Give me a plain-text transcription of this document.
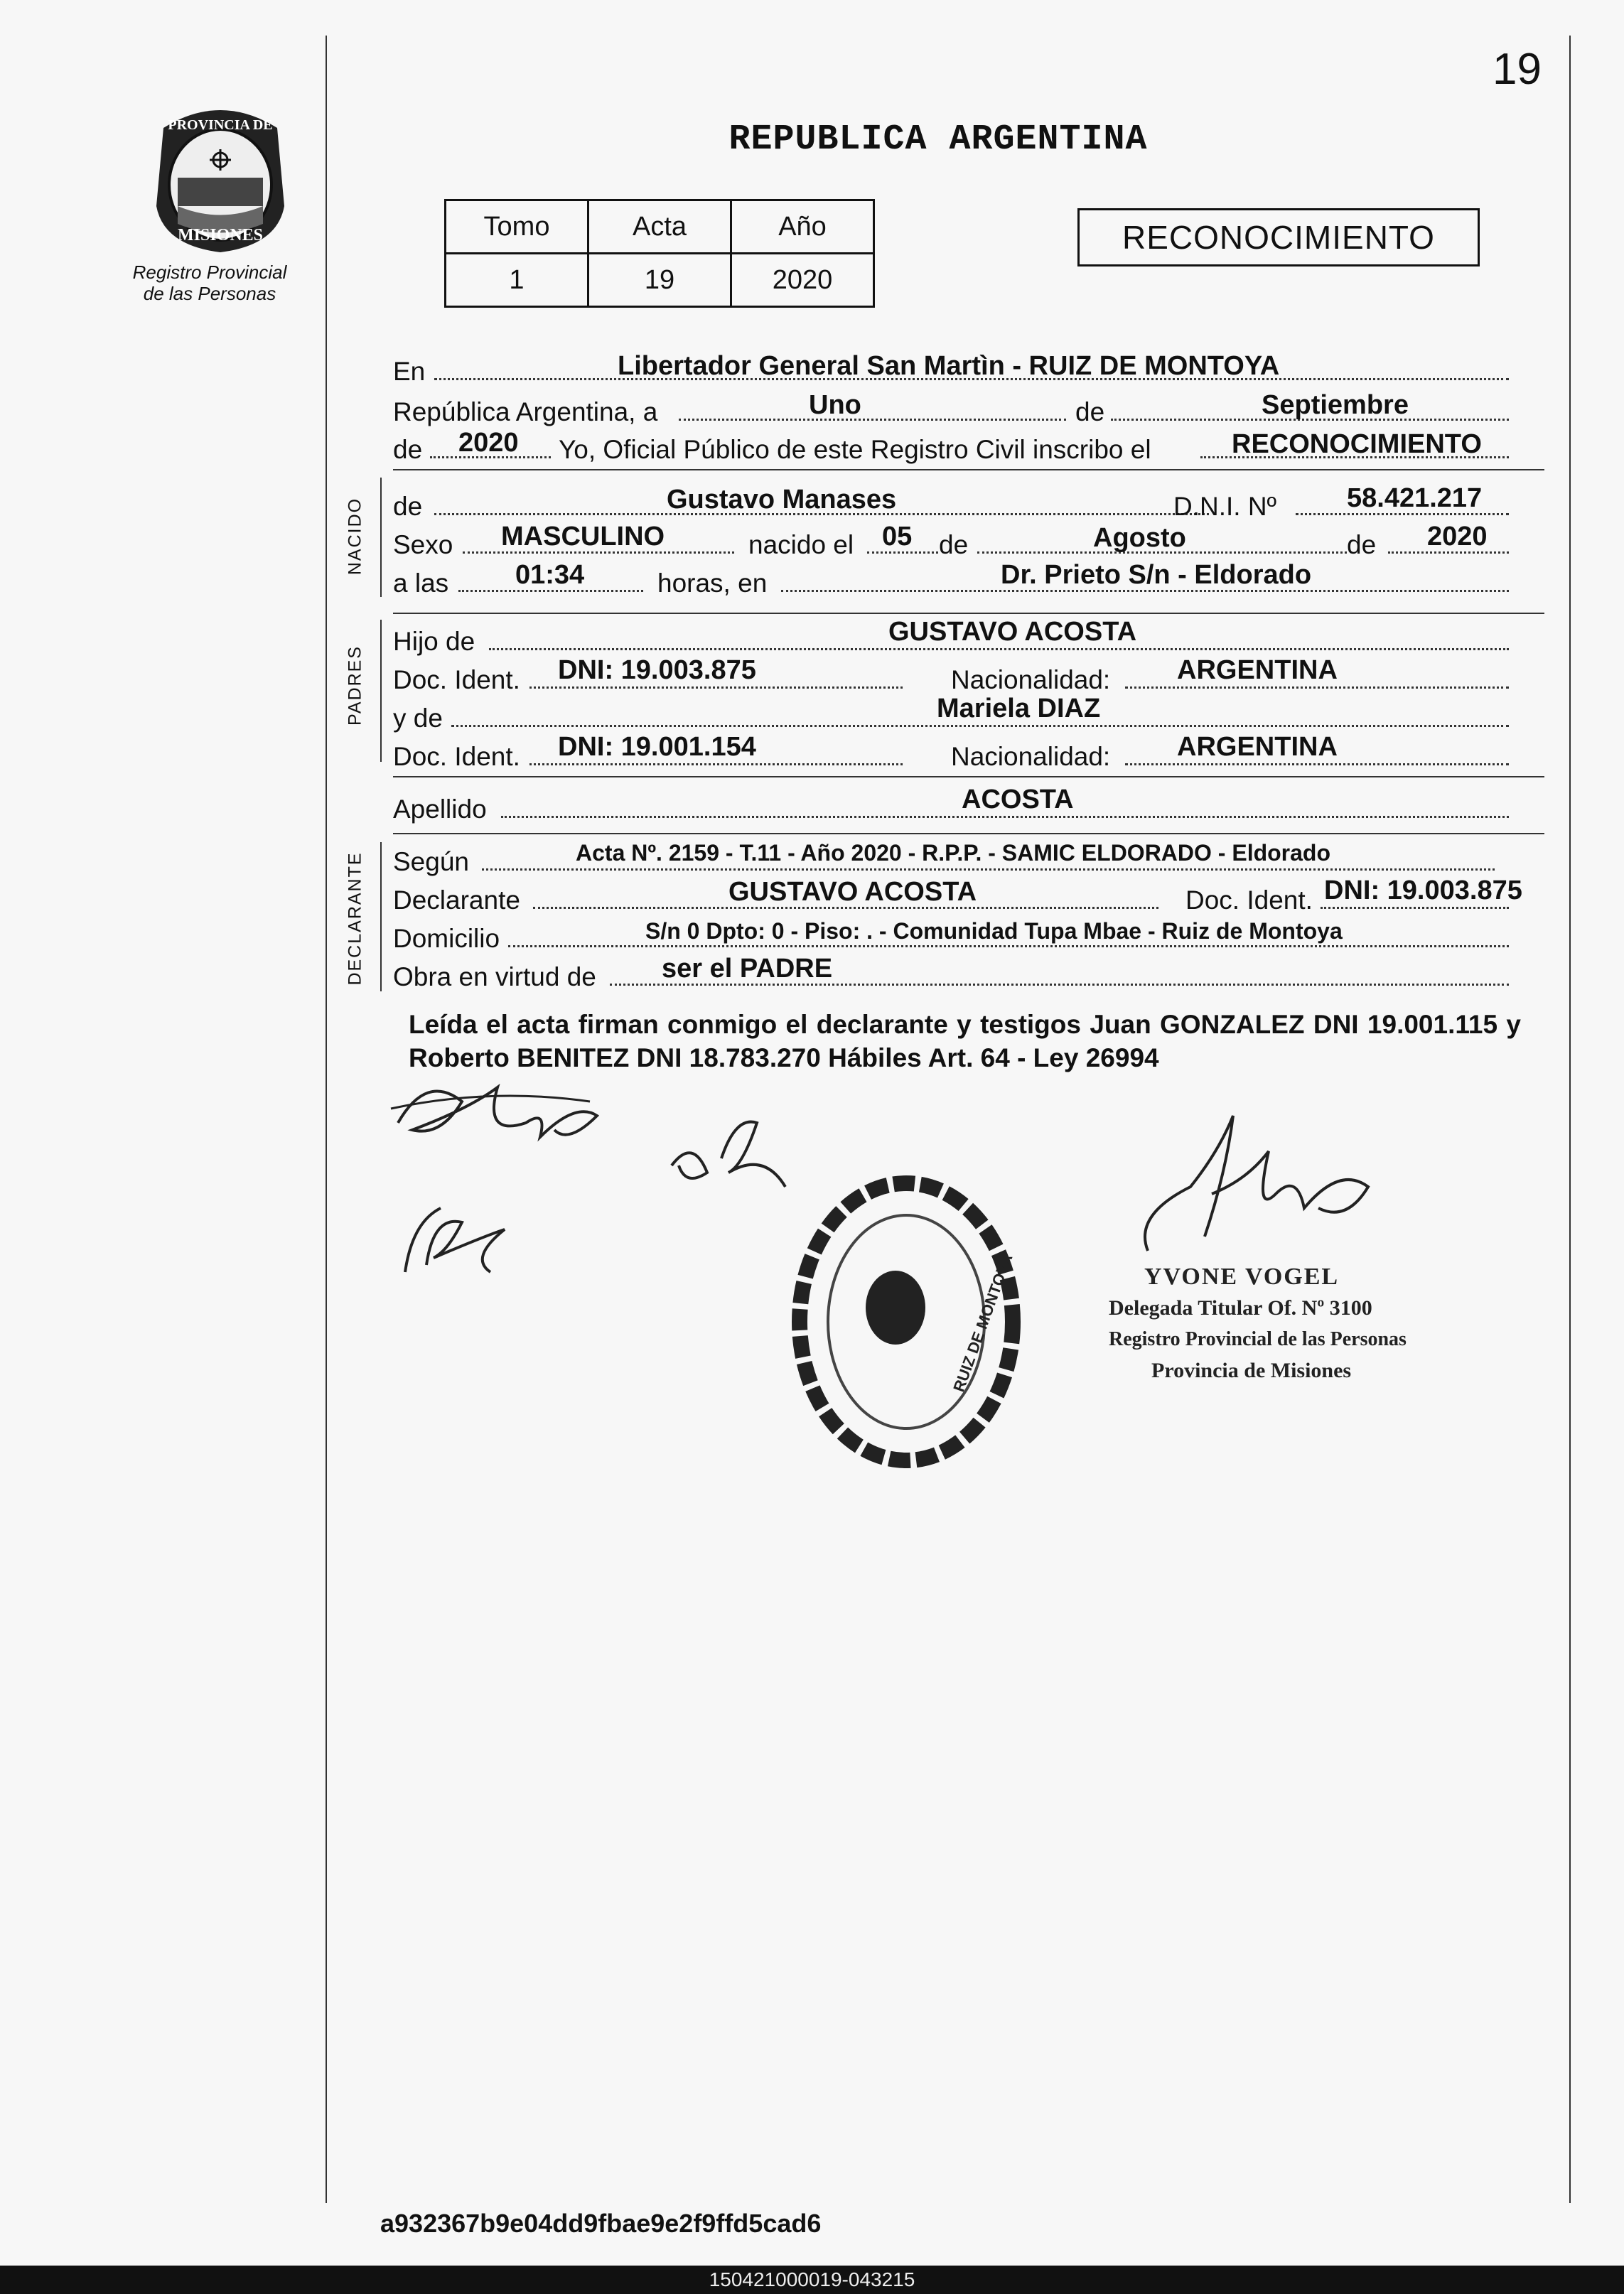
19
PROVINCIA DE
MISIONES
Registro Provincial
de las Personas
REPUBLICA ARGENTINA
Tomo	Acta	Año
1	19	2020
RECONOCIMIENTO
En	Libertador General San Martìn - RUIZ DE MONTOYA
República Argentina, a	Uno	de	Septiembre
de 2020 Yo, Oficial Público de este Registro Civil inscribo el	RECONOCIMIENTO
NACIDO de	Gustavo Manases	D.N.I. Nº	58.421.217
Sexo MASCULINO	nacido el 05 de	Agosto	de 2020
a las 01:34	horas, en	Dr. Prieto S/n - Eldorado
PADRES
Hijo de	GUSTAVO ACOSTA
Doc. Ident. DNI: 19.003.875	Nacionalidad: ARGENTINA
y de	Mariela DIAZ
Doc. Ident. DNI: 19.001.154	Nacionalidad: ARGENTINA
Apellido	ACOSTA
DECLARANTE Según	Acta Nº. 2159 - T.11 - Año 2020 - R.P.P. - SAMIC ELDORADO - Eldorado
Declarante	GUSTAVO ACOSTA	Doc. Ident. DNI: 19.003.875
Domicilio	S/n 0 Dpto: 0 - Piso: . - Comunidad Tupa Mbae - Ruiz de Montoya
Obra en virtud de ser el PADRE
Leída el acta firman conmigo el declarante y testigos Juan GONZALEZ DNI 19.001.115 y Roberto BENITEZ DNI 18.783.270 Hábiles Art. 64 - Ley 26994
RUIZ DE MONTOYA	YVONE VOGEL
Delegada Titular Of. Nº 3100
Registro Provincial de las Personas
Provincia de Misiones
a932367b9e04dd9fbae9e2f9ffd5cad6
150421000019-043215
